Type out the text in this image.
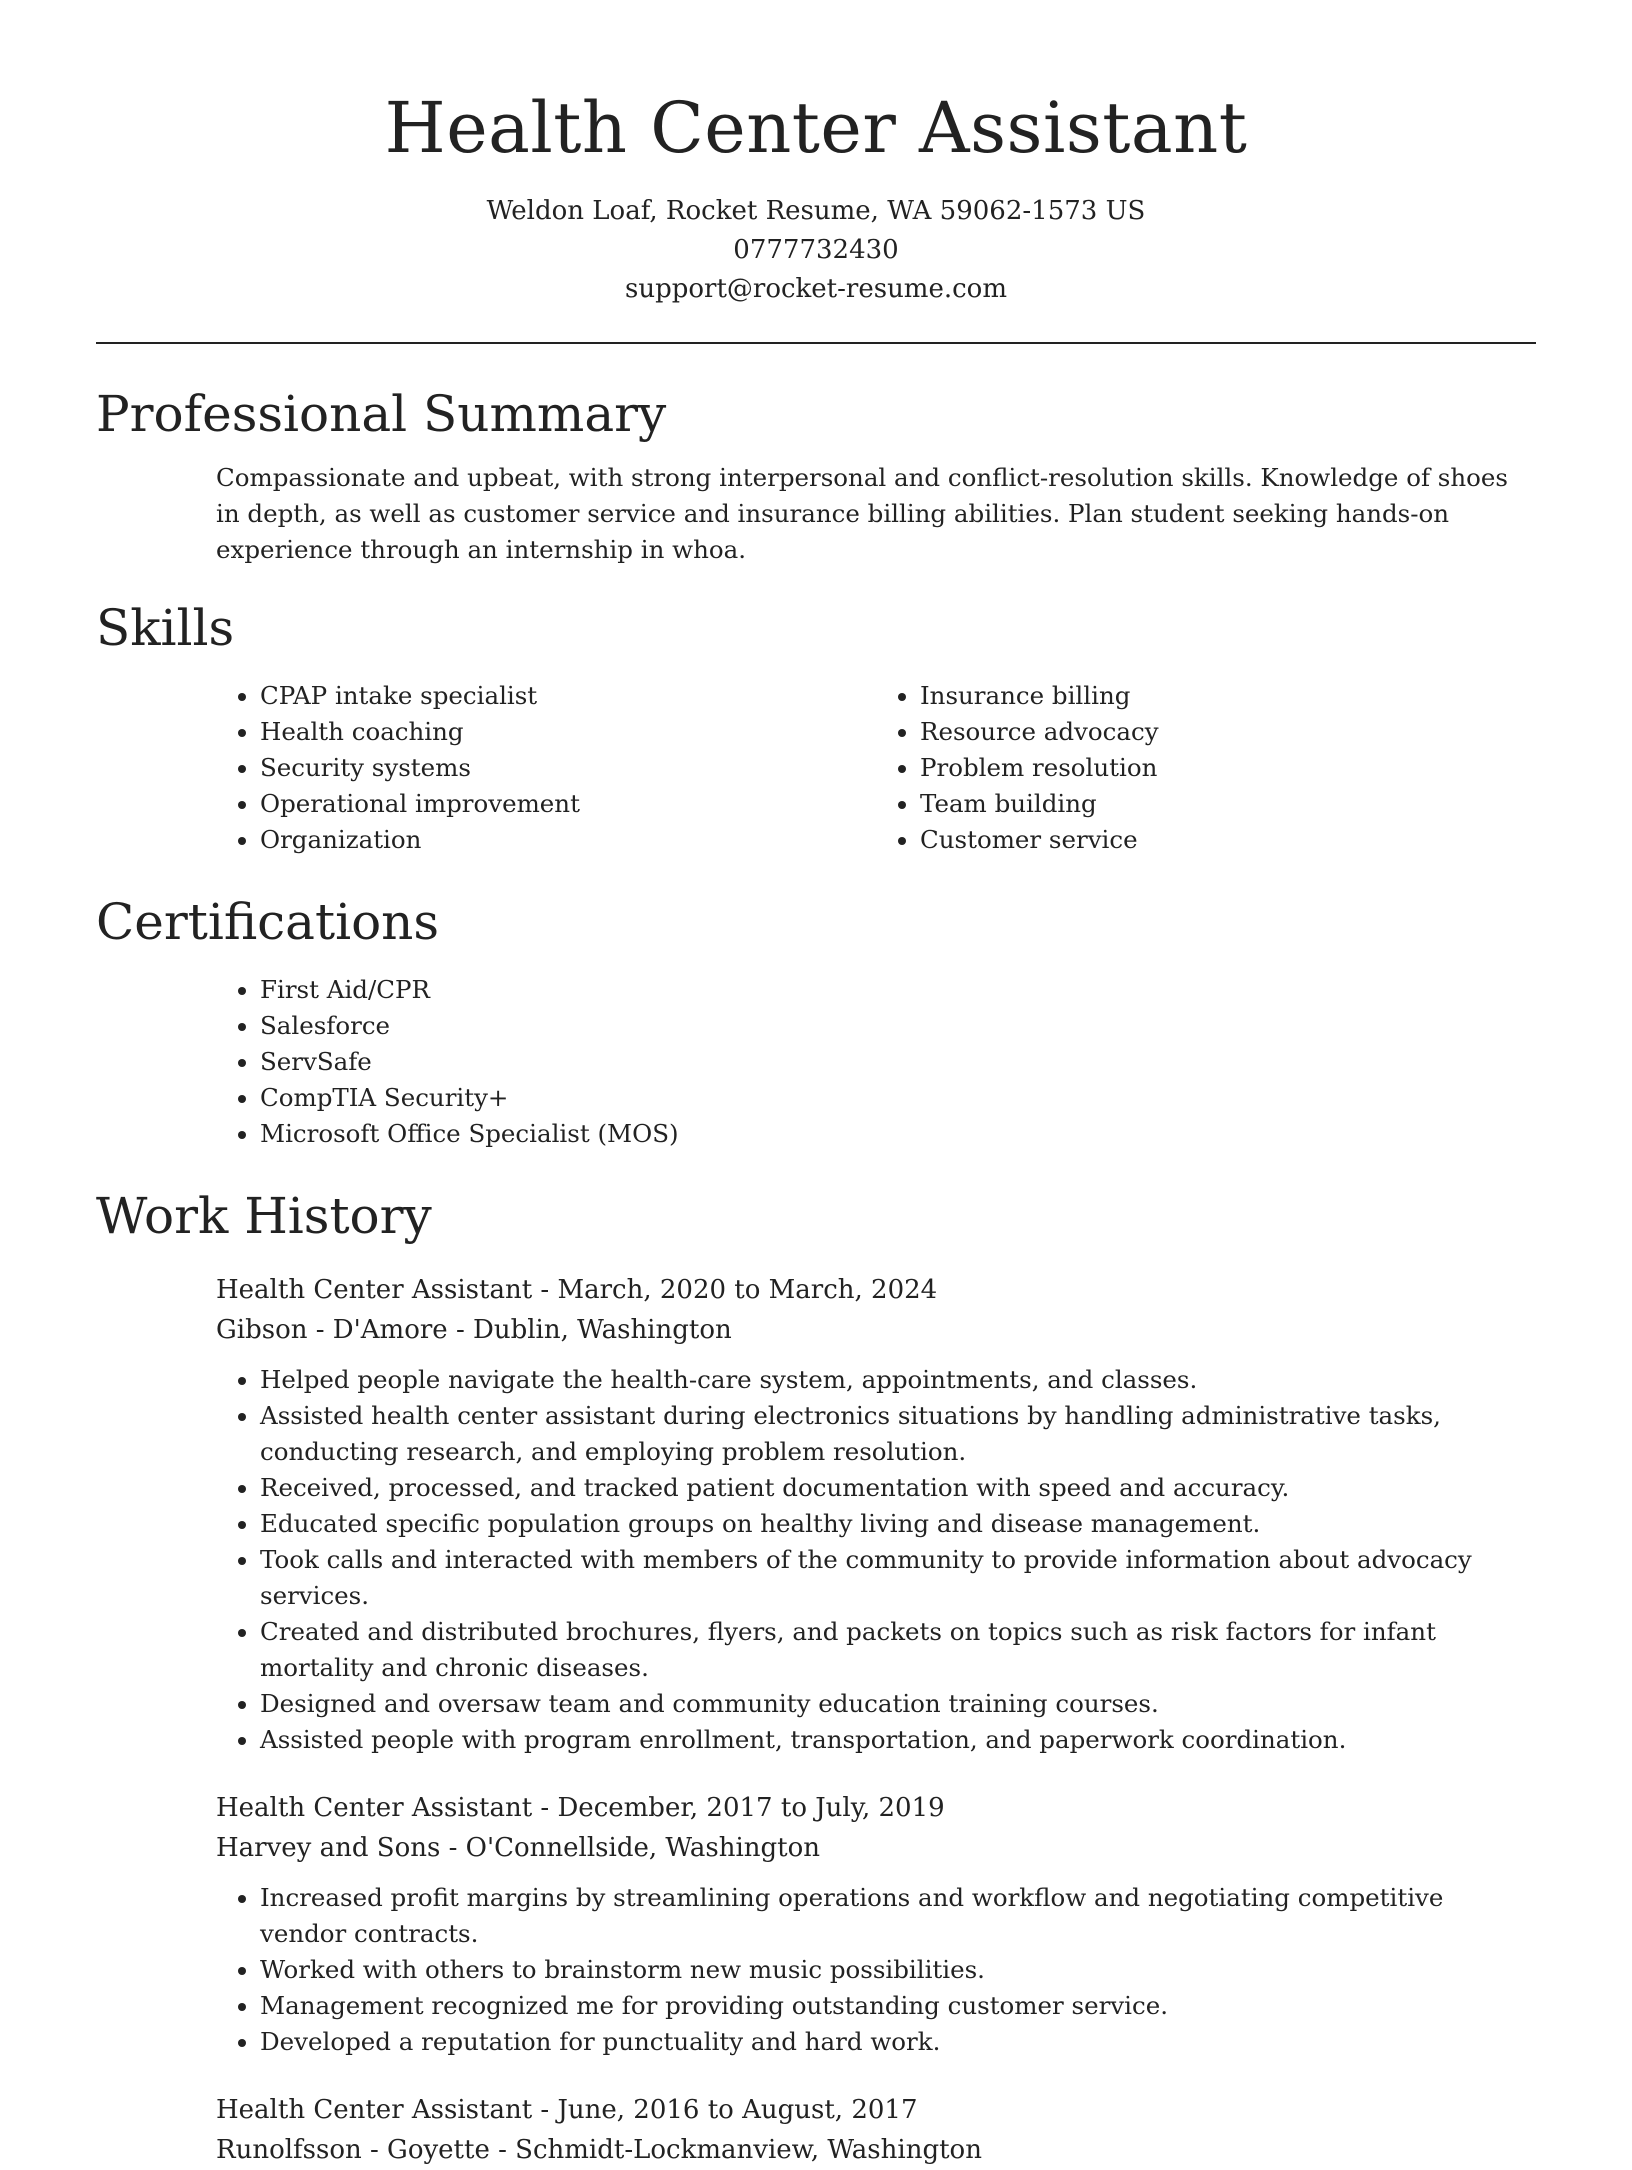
Health Center Assistant
Weldon Loaf, Rocket Resume, WA 59062-1573 US
0777732430
support@rocket-resume.com
Professional Summary

Compassionate and upbeat, with strong interpersonal and conflict-resolution skills. Knowledge of shoes in depth, as well as customer service and insurance billing abilities. Plan student seeking hands-on experience through an internship in whoa.

Skills
• CPAP intake specialist
• Health coaching
• Security systems
• Operational improvement
• Organization
• Insurance billing
• Resource advocacy
• Problem resolution
• Team building
• Customer service
Certifications
• First Aid/CPR
• Salesforce
• ServSafe
• CompTIA Security+
• Microsoft Office Specialist (MOS)
Work History
Health Center Assistant - March, 2020 to March, 2024
Gibson - D'Amore - Dublin, Washington
• Helped people navigate the health-care system, appointments, and classes.
• Assisted health center assistant during electronics situations by handling administrative tasks, conducting research, and employing problem resolution.
• Received, processed, and tracked patient documentation with speed and accuracy.
• Educated specific population groups on healthy living and disease management.
• Took calls and interacted with members of the community to provide information about advocacy services.
• Created and distributed brochures, flyers, and packets on topics such as risk factors for infant mortality and chronic diseases.
• Designed and oversaw team and community education training courses.
• Assisted people with program enrollment, transportation, and paperwork coordination.
Health Center Assistant - December, 2017 to July, 2019
Harvey and Sons - O'Connellside, Washington
• Increased profit margins by streamlining operations and workflow and negotiating competitive vendor contracts.
• Worked with others to brainstorm new music possibilities.
• Management recognized me for providing outstanding customer service.
• Developed a reputation for punctuality and hard work.
Health Center Assistant - June, 2016 to August, 2017
Runolfsson - Goyette - Schmidt-Lockmanview, Washington
